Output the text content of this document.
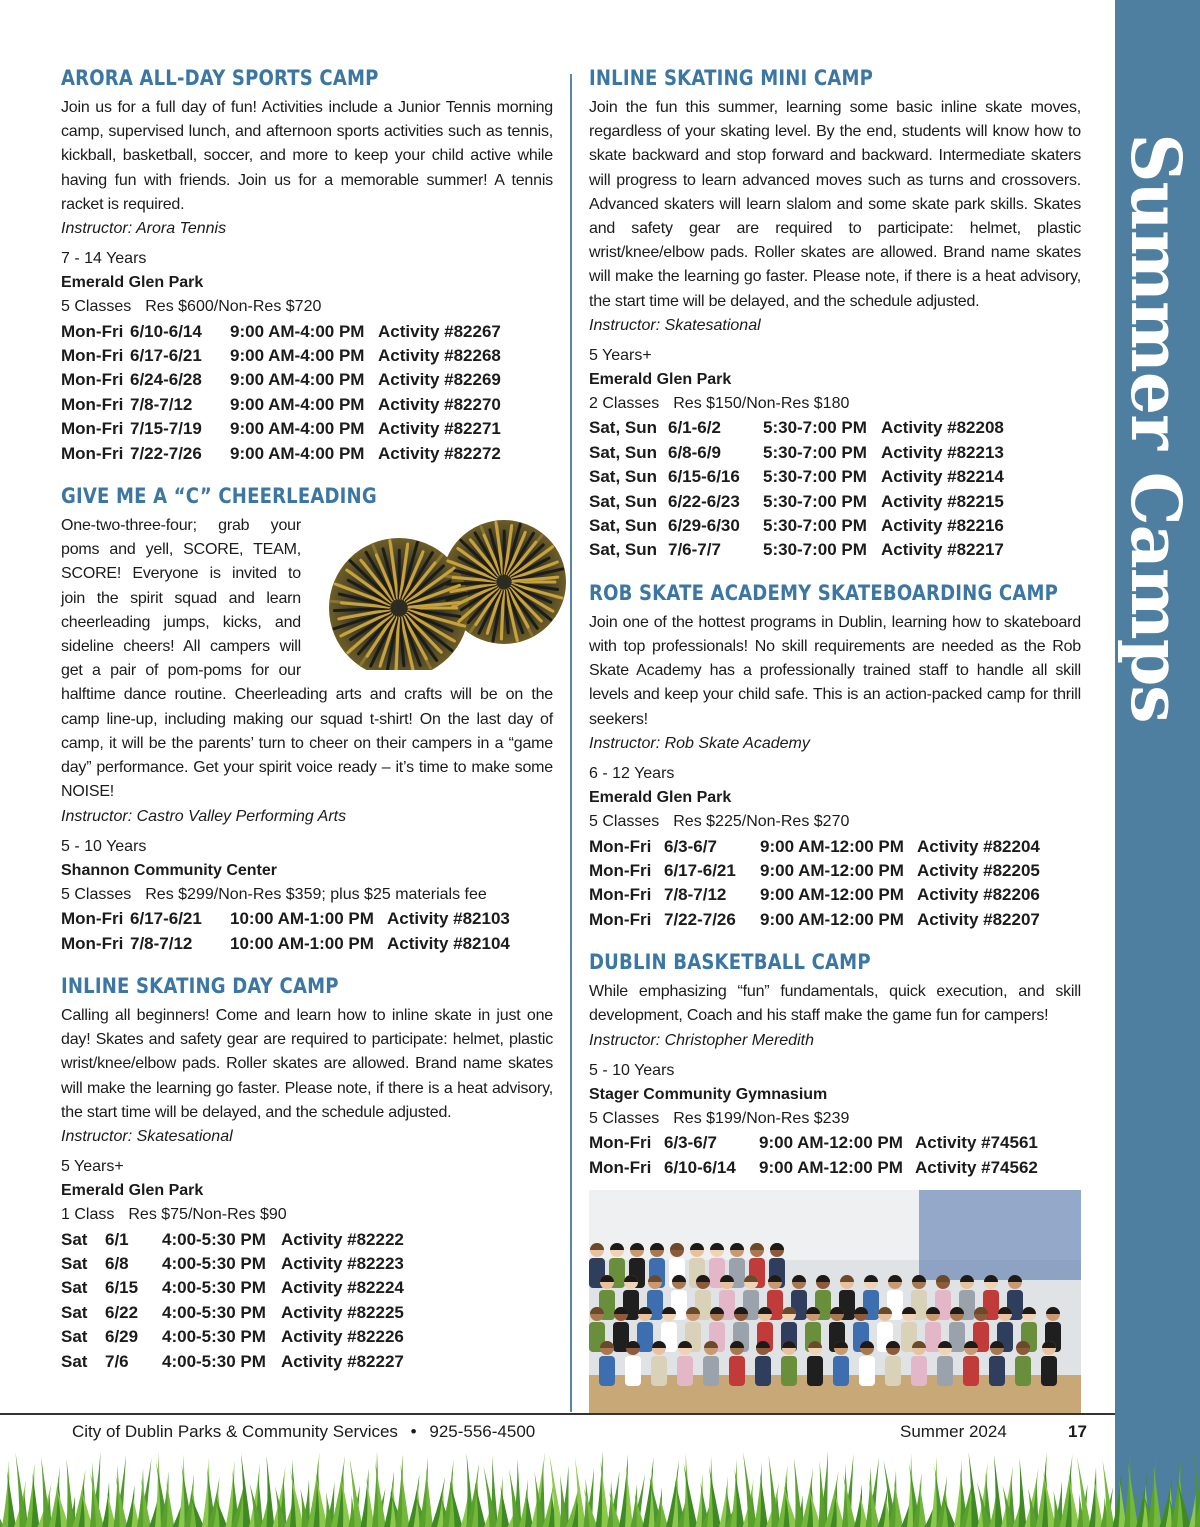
Summer Camps
ARORA ALL-DAY SPORTS CAMP

Join us for a full day of fun! Activities include a Junior Tennis morning camp, supervised lunch, and afternoon sports activities such as tennis, kickball, basketball, soccer, and more to keep your child active while having fun with friends. Join us for a memorable summer! A tennis racket is required.

Instructor: Arora Tennis

7 - 14 Years

Emerald Glen Park

5 Classes Res $600/Non-Res $720

Mon-Fri 6/10-6/14	9:00 AM-4:00 PM Activity #82267
Mon-Fri 6/17-6/21	9:00 AM-4:00 PM Activity #82268
Mon-Fri 6/24-6/28	9:00 AM-4:00 PM Activity #82269
Mon-Fri 7/8-7/12	9:00 AM-4:00 PM Activity #82270
Mon-Fri 7/15-7/19	9:00 AM-4:00 PM Activity #82271
Mon-Fri 7/22-7/26	9:00 AM-4:00 PM Activity #82272
GIVE ME A “C” CHEERLEADING

One-two-three-four; grab your poms and yell, SCORE, TEAM, SCORE! Everyone is invited to join the spirit squad and learn cheerleading jumps, kicks, and sideline cheers! All campers will get a pair of pom-poms for our halftime dance routine. Cheerleading arts and crafts will be on the camp line-up, including making our squad t-shirt! On the last day of camp, it will be the parents’ turn to cheer on their campers in a “game day” performance. Get your spirit voice ready – it’s time to make some NOISE!

Instructor: Castro Valley Performing Arts

5 - 10 Years

Shannon Community Center

5 Classes Res $299/Non-Res $359; plus $25 materials fee

Mon-Fri 6/17-6/21	10:00 AM-1:00 PM Activity #82103
Mon-Fri 7/8-7/12	10:00 AM-1:00 PM Activity #82104
INLINE SKATING DAY CAMP

Calling all beginners! Come and learn how to inline skate in just one day! Skates and safety gear are required to participate: helmet, plastic wrist/knee/elbow pads. Roller skates are allowed. Brand name skates will make the learning go faster. Please note, if there is a heat advisory, the start time will be delayed, and the schedule adjusted.

Instructor: Skatesational

5 Years+

Emerald Glen Park

1 Class Res $75/Non-Res $90

Sat	6/1	4:00-5:30 PM Activity #82222
Sat	6/8	4:00-5:30 PM Activity #82223
Sat	6/15	4:00-5:30 PM Activity #82224
Sat	6/22	4:00-5:30 PM Activity #82225
Sat	6/29	4:00-5:30 PM Activity #82226
Sat	7/6	4:00-5:30 PM Activity #82227
INLINE SKATING MINI CAMP

Join the fun this summer, learning some basic inline skate moves, regardless of your skating level. By the end, students will know how to skate backward and stop forward and backward. Intermediate skaters will progress to learn advanced moves such as turns and crossovers. Advanced skaters will learn slalom and some skate park skills. Skates and safety gear are required to participate: helmet, plastic wrist/knee/elbow pads. Roller skates are allowed. Brand name skates will make the learning go faster. Please note, if there is a heat advisory, the start time will be delayed, and the schedule adjusted.

Instructor: Skatesational

5 Years+

Emerald Glen Park

2 Classes Res $150/Non-Res $180

Sat, Sun 6/1-6/2	5:30-7:00 PM Activity #82208
Sat, Sun 6/8-6/9	5:30-7:00 PM Activity #82213
Sat, Sun 6/15-6/16	5:30-7:00 PM Activity #82214
Sat, Sun 6/22-6/23	5:30-7:00 PM Activity #82215
Sat, Sun 6/29-6/30	5:30-7:00 PM Activity #82216
Sat, Sun 7/6-7/7	5:30-7:00 PM Activity #82217
ROB SKATE ACADEMY SKATEBOARDING CAMP

Join one of the hottest programs in Dublin, learning how to skateboard with top professionals! No skill requirements are needed as the Rob Skate Academy has a professionally trained staff to handle all skill levels and keep your child safe. This is an action-packed camp for thrill seekers!

Instructor: Rob Skate Academy

6 - 12 Years

Emerald Glen Park

5 Classes Res $225/Non-Res $270

Mon-Fri 6/3-6/7	9:00 AM-12:00 PM Activity #82204
Mon-Fri 6/17-6/21	9:00 AM-12:00 PM Activity #82205
Mon-Fri 7/8-7/12	9:00 AM-12:00 PM Activity #82206
Mon-Fri 7/22-7/26	9:00 AM-12:00 PM Activity #82207
DUBLIN BASKETBALL CAMP

While emphasizing “fun” fundamentals, quick execution, and skill development, Coach and his staff make the game fun for campers!

Instructor: Christopher Meredith

5 - 10 Years

Stager Community Gymnasium

5 Classes Res $199/Non-Res $239

Mon-Fri 6/3-6/7	9:00 AM-12:00 PM Activity #74561
Mon-Fri 6/10-6/14	9:00 AM-12:00 PM Activity #74562
City of Dublin Parks & Community Services • 925-556-4500	Summer 2024	17
